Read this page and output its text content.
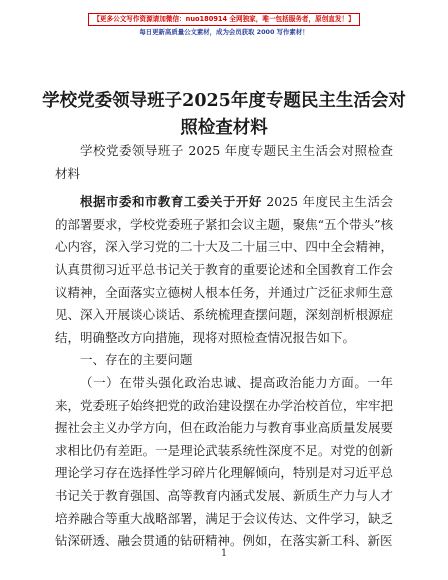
【更多公文写作资源请加微信：nuo180914 全网独家，唯一包括服务者，原创直发！】
每日更新高质量公文素材，成为会员获取 2000 写作素材！
学校党委领导班子2025年度专题民主生活会对照检查材料

学校党委领导班子 2025 年度专题民主生活会对照检查材料

根据市委和市教育工委关于开好 2025 年度民主生活会的部署要求，学校党委班子紧扣会议主题，聚焦“五个带头”核心内容，深入学习党的二十大及二十届三中、四中全会精神，认真贯彻习近平总书记关于教育的重要论述和全国教育工作会议精神，全面落实立德树人根本任务，并通过广泛征求师生意见、深入开展谈心谈话、系统梳理查摆问题，深刻剖析根源症结，明确整改方向措施，现将对照检查情况报告如下。

一、存在的主要问题

（一）在带头强化政治忠诚、提高政治能力方面。一年来，党委班子始终把党的政治建设摆在办学治校首位，牢牢把握社会主义办学方向，但在政治能力与教育事业高质量发展要求相比仍有差距。一是理论武装系统性深度不足。对党的创新理论学习存在选择性学习碎片化理解倾向，特别是对习近平总书记关于教育强国、高等教育内涵式发展、新质生产力与人才培养融合等重大战略部署，满足于会议传达、文件学习，缺乏钻深研透、融会贯通的钻研精神。例如，在落实新工科、新医

1
